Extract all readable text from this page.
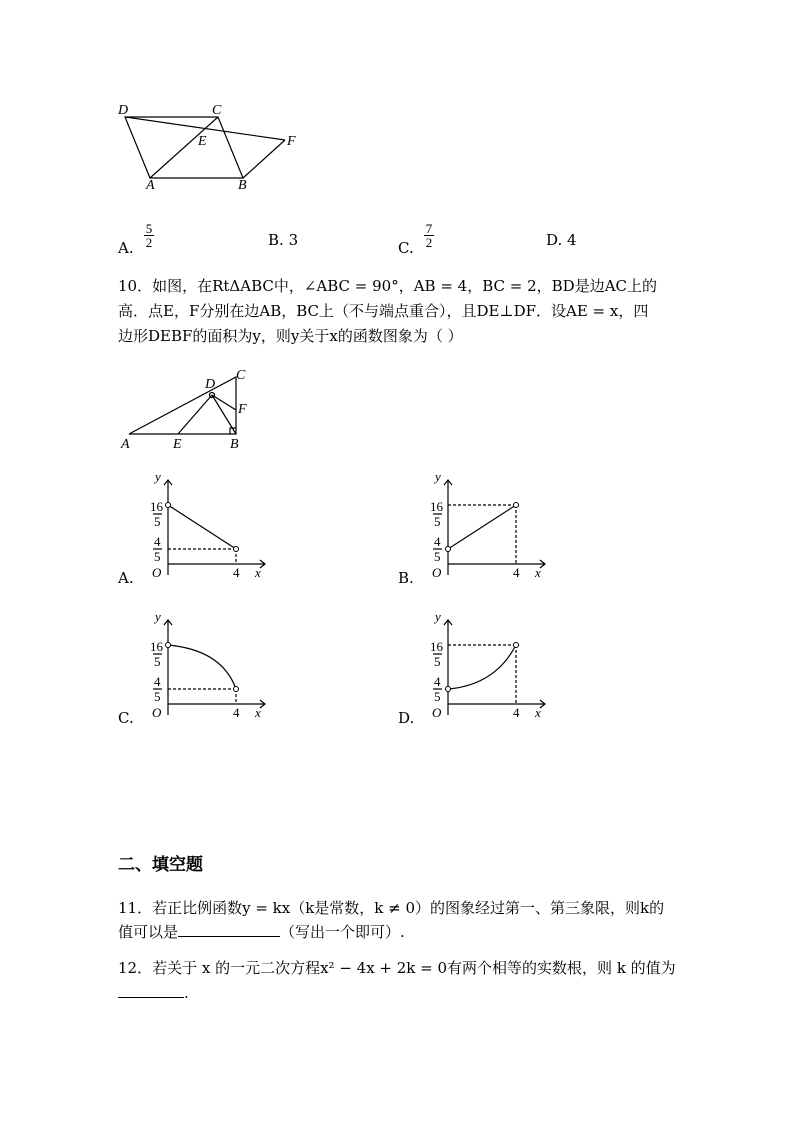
D	C
E	F
A	B
A.
5
2	B. 3	C.
7
2	D. 4
10．如图，在RtΔABC中，∠ABC = 90°，AB = 4，BC = 2，BD是边AC上的
高．点E，F分别在边AB，BC上（不与端点重合），且DE⊥DF．设AE = x，四
边形DEBF的面积为y，则y关于x的函数图象为（ ）
A	B
C
D
E
F
A.
y
x
O	4
16
5
4
5
B.
y
x
O	4
16
5
4
5
C.
y
x
O	4
16
5
4
5
D.
y
x
O	4
16
5
4
5
二、填空题
11．若正比例函数y = kx（k是常数，k ≠ 0）的图象经过第一、第三象限，则k的
值可以是	（写出一个即可）.
12．若关于 x 的一元二次方程x² − 4x + 2k = 0有两个相等的实数根，则 k 的值为
.
